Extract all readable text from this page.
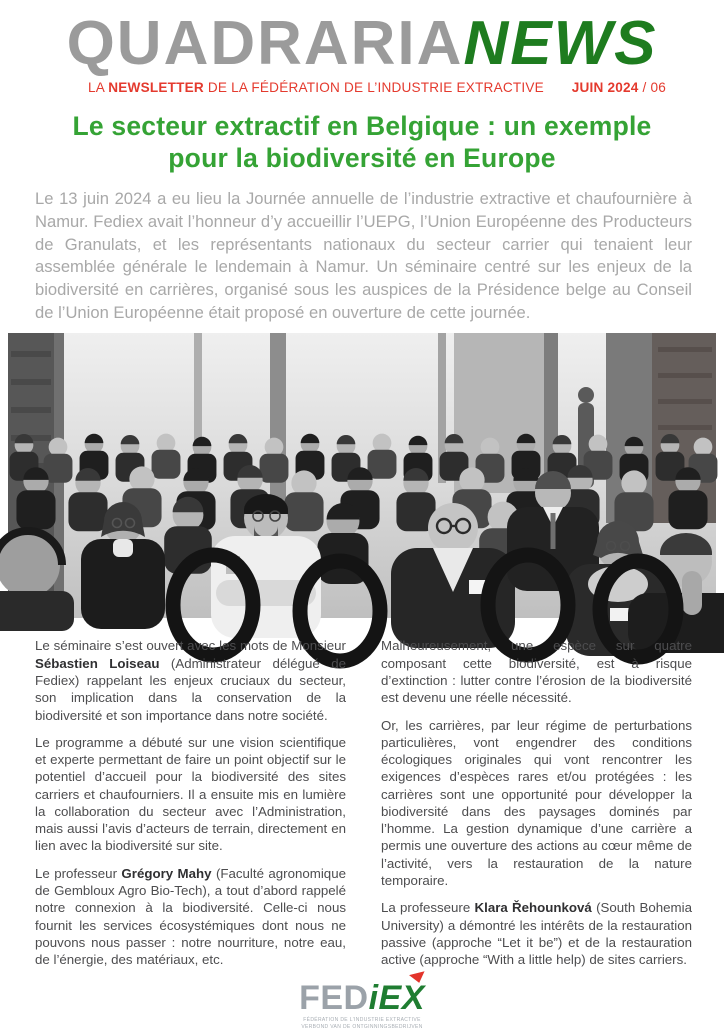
QUADRARIANEWS
LA NEWSLETTER DE LA FÉDÉRATION DE L’INDUSTRIE EXTRACTIVE JUIN 2024 / 06
Le secteur extractif en Belgique : un exemple pour la biodiversité en Europe

Le 13 juin 2024 a eu lieu la Journée annuelle de l’industrie extractive et chaufournière à Namur. Fediex avait l’honneur d’y accueillir l’UEPG, l’Union Européenne des Producteurs de Granulats, et les représentants nationaux du secteur carrier qui tenaient leur assemblée générale le lendemain à Namur. Un séminaire centré sur les enjeux de la biodiversité en carrières, organisé sous les auspices de la Présidence belge au Conseil de l’Union Européenne était proposé en ouverture de cette journée.

Le séminaire s’est ouvert avec les mots de Monsieur Sébastien Loiseau (Administrateur délégué de Fediex) rappelant les enjeux cruciaux du secteur, son implication dans la conservation de la biodiversité et son importance dans notre société.

Le programme a débuté sur une vision scientifique et experte permettant de faire un point objectif sur le potentiel d’accueil pour la biodiversité des sites carriers et chaufourniers. Il a ensuite mis en lumière la collaboration du secteur avec l’Administration, mais aussi l’avis d’acteurs de terrain, directement en lien avec la biodiversité sur site.

Le professeur Grégory Mahy (Faculté agronomique de Gembloux Agro Bio-Tech), a tout d’abord rappelé notre connexion à la biodiversité. Celle-ci nous fournit les services écosystémiques dont nous ne pouvons nous passer : notre nourriture, notre eau, de l’énergie, des matériaux, etc.

Malheureusement, une espèce sur quatre composant cette biodiversité, est à risque d’extinction : lutter contre l’érosion de la biodiversité est devenu une réelle nécessité.

Or, les carrières, par leur régime de perturbations particulières, vont engendrer des conditions écologiques originales qui vont rencontrer les exigences d’espèces rares et/ou protégées : les carrières sont une opportunité pour développer la biodiversité dans des paysages dominés par l’homme. La gestion dynamique d’une carrière a permis une ouverture des actions au cœur même de l’activité, vers la restauration de la nature temporaire.

La professeure Klara Řehounková (South Bohemia University) a démontré les intérêts de la restauration passive (approche “Let it be”) et de la restauration active (approche “With a little help) de sites carriers.

FEDiEX
FÉDÉRATION DE L’INDUSTRIE EXTRACTIVE
VERBOND VAN DE ONTGINNINGSBEDRIJVEN
